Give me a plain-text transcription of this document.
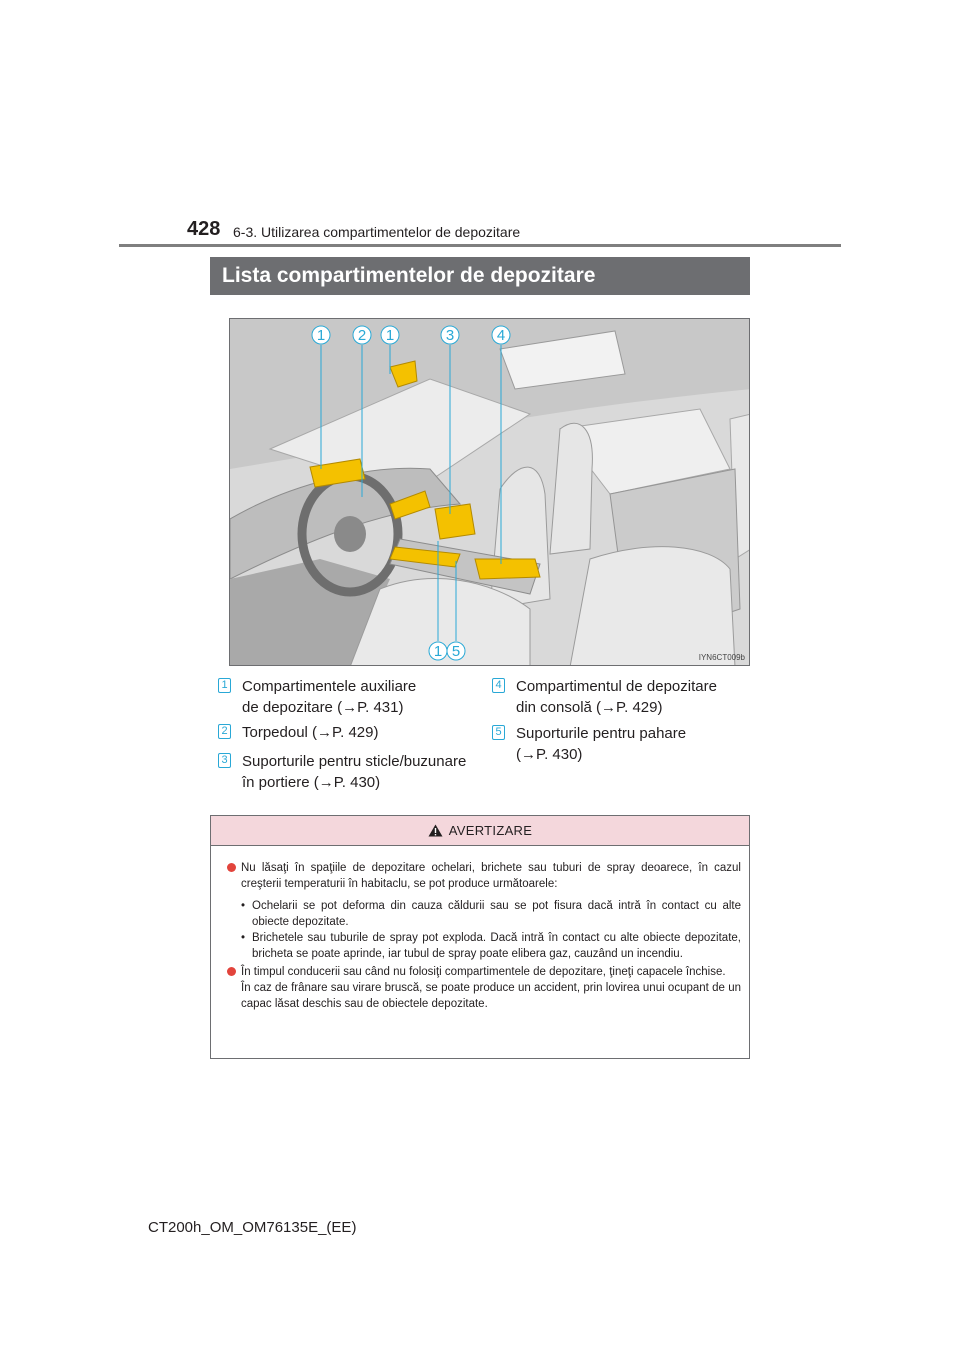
428 6-3. Utilizarea compartimentelor de depozitare
Lista compartimentelor de depozitare
1 2 1	3	4
1 5	IYN6CT009b
1 Compartimentele auxiliare
de depozitare (→P. 431)
2 Torpedoul (→P. 429)
3 Suporturile pentru sticle/buzunare
în portiere (→P. 430)
4 Compartimentul de depozitare
din consolă (→P. 429)
5 Suporturile pentru pahare
(→P. 430)
AVERTIZARE
Nu lăsaţi în spaţiile de depozitare ochelari, brichete sau tuburi de spray deoarece, în cazul creşterii temperaturii în habitaclu, se pot produce următoarele:
• Ochelarii se pot deforma din cauza căldurii sau se pot fisura dacă intră în contact cu alte obiecte depozitate.
• Brichetele sau tuburile de spray pot exploda. Dacă intră în contact cu alte obiecte depozitate, bricheta se poate aprinde, iar tubul de spray poate elibera gaz, cauzând un incendiu.
În timpul conducerii sau când nu folosiţi compartimentele de depozitare, ţineţi capacele închise.
În caz de frânare sau virare bruscă, se poate produce un accident, prin lovirea unui ocupant de un capac lăsat deschis sau de obiectele depozitate.
CT200h_OM_OM76135E_(EE)
